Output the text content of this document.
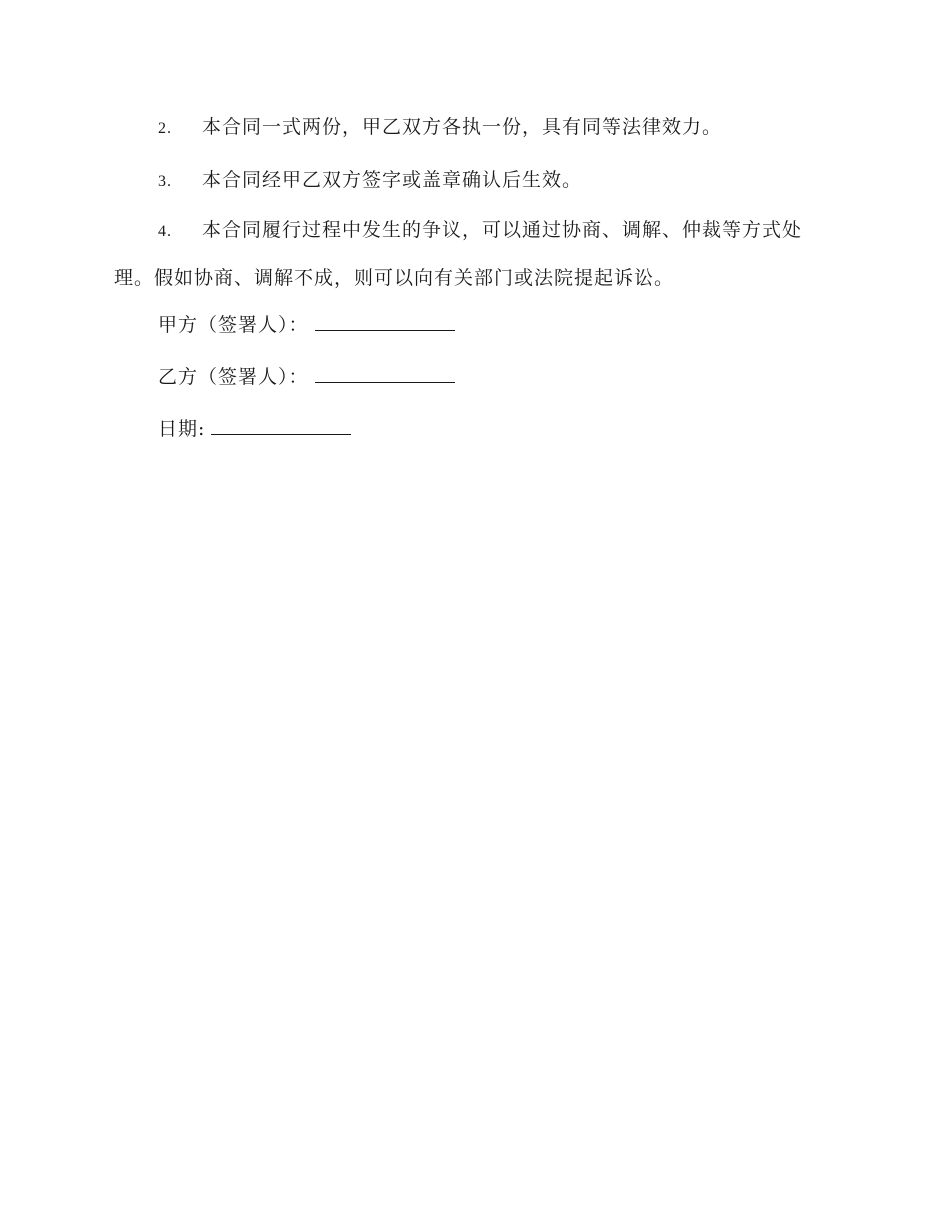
2. 本合同一式两份，甲乙双方各执一份，具有同等法律效力。
3. 本合同经甲乙双方签字或盖章确认后生效。
4. 本合同履行过程中发生的争议，可以通过协商、调解、仲裁等方式处理。假如协商、调解不成，则可以向有关部门或法院提起诉讼。
甲方（签署人）：
乙方（签署人）：
日期:
